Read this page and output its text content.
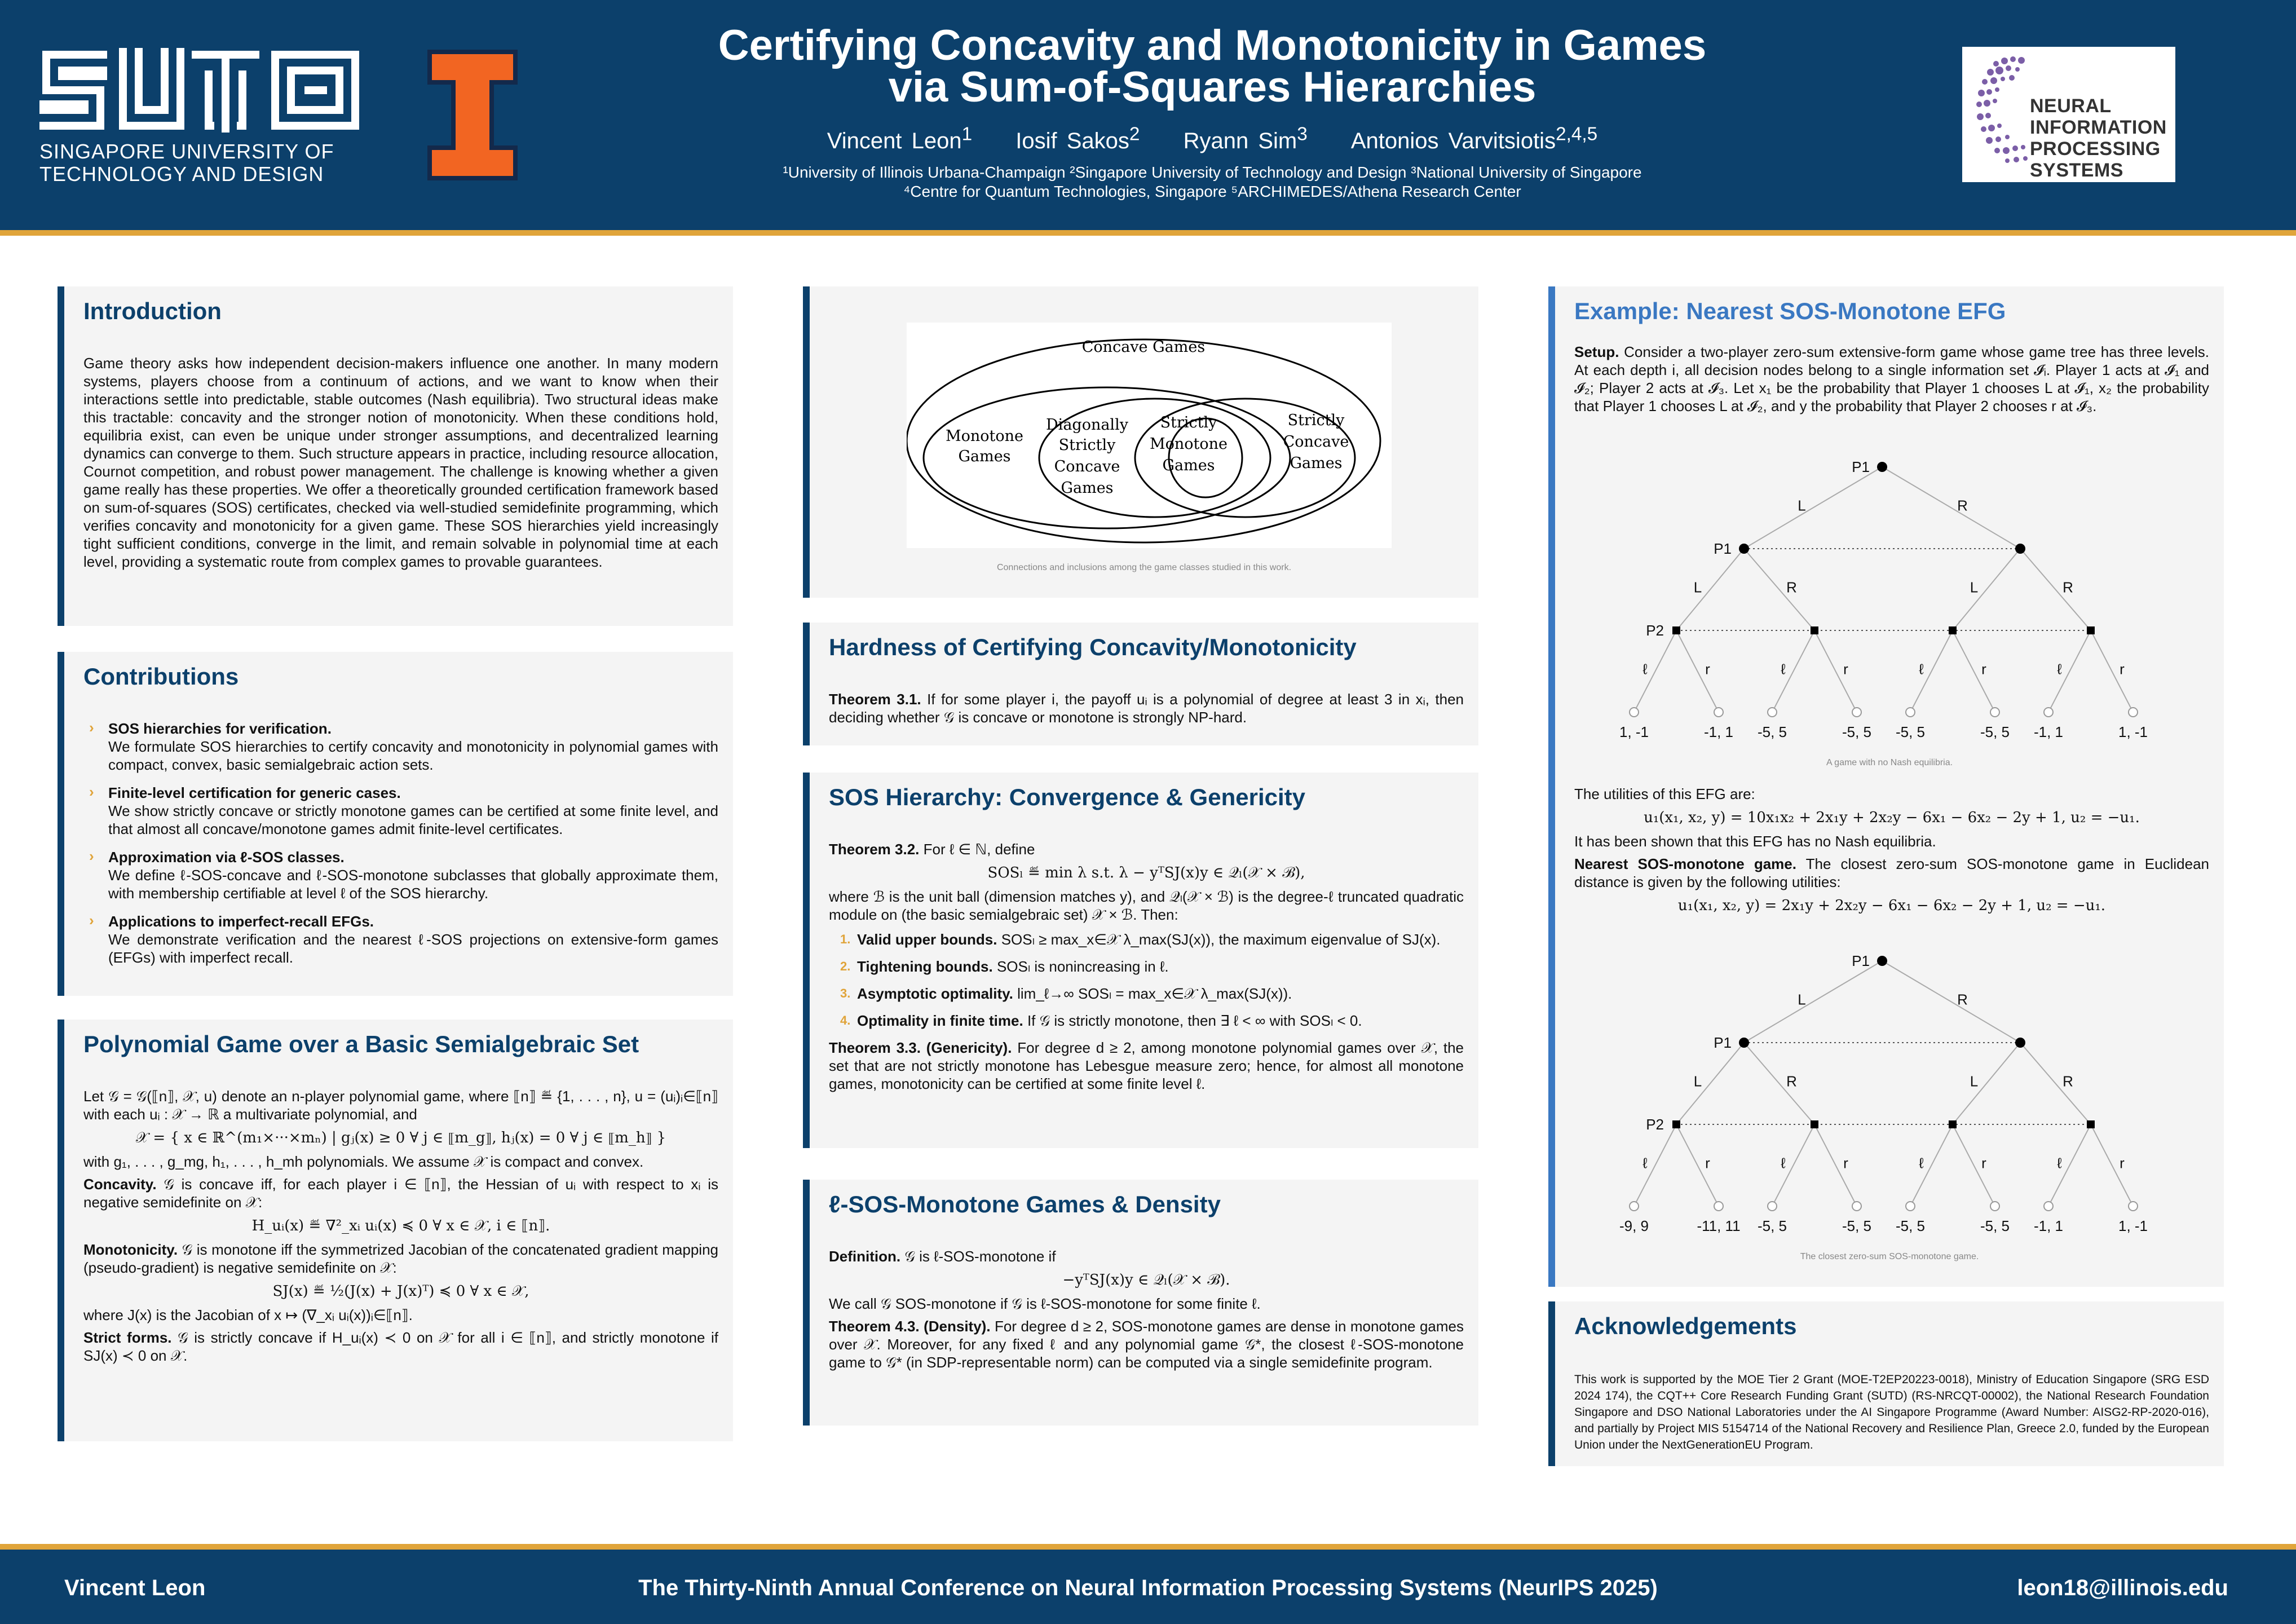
SINGAPORE UNIVERSITY OF
TECHNOLOGY AND DESIGN
Certifying Concavity and Monotonicity in Games
via Sum-of-Squares Hierarchies
Vincent Leon$^1$ Iosif Sakos$^2$ Ryann Sim$^3$ Antonios Varvitsiotis$^{2,4,5}$
¹University of Illinois Urbana-Champaign ²Singapore University of Technology and Design ³National University of Singapore
⁴Centre for Quantum Technologies, Singapore ⁵ARCHIMEDES/Athena Research Center
NEURAL INFORMATION
PROCESSING SYSTEMS
Introduction

Game theory asks how independent decision-makers influence one another. In many modern systems, players choose from a continuum of actions, and we want to know when their interactions settle into predictable, stable outcomes (Nash equilibria). Two structural ideas make this tractable: concavity and the stronger notion of monotonicity. When these conditions hold, equilibria exist, can even be unique under stronger assumptions, and decentralized learning dynamics can converge to them. Such structure appears in practice, including resource allocation, Cournot competition, and robust power management. The challenge is knowing whether a given game really has these properties. We offer a theoretically grounded certification framework based on sum-of-squares (SOS) certificates, checked via well-studied semidefinite programming, which verifies concavity and monotonicity for a given game. These SOS hierarchies yield increasingly tight sufficient conditions, converge in the limit, and remain solvable in polynomial time at each level, providing a systematic route from complex games to provable guarantees.

Contributions
› SOS hierarchies for verification.
We formulate SOS hierarchies to certify concavity and monotonicity in polynomial games with compact, convex, basic semialgebraic action sets.
› Finite-level certification for generic cases.
We show strictly concave or strictly monotone games can be certified at some finite level, and that almost all concave/monotone games admit finite-level certificates.
› Approximation via ℓ-SOS classes.
We define ℓ-SOS-concave and ℓ-SOS-monotone subclasses that globally approximate them, with membership certifiable at level ℓ of the SOS hierarchy.
› Applications to imperfect-recall EFGs.
We demonstrate verification and the nearest ℓ-SOS projections on extensive-form games (EFGs) with imperfect recall.
Polynomial Game over a Basic Semialgebraic Set

Let 𝒢 = 𝒢(⟦n⟧, 𝒳, u) denote an n-player polynomial game, where ⟦n⟧ ≝ {1, . . . , n}, u = (uᵢ)ᵢ∈⟦n⟧ with each uᵢ : 𝒳 → ℝ a multivariate polynomial, and

𝒳 = { x ∈ ℝ^(m₁×···×mₙ) | gⱼ(x) ≥ 0 ∀ j ∈ ⟦m_g⟧, hⱼ(x) = 0 ∀ j ∈ ⟦m_h⟧ }

with g₁, . . . , g_mg, h₁, . . . , h_mh polynomials. We assume 𝒳 is compact and convex.

Concavity. 𝒢 is concave iff, for each player i ∈ ⟦n⟧, the Hessian of uᵢ with respect to xᵢ is negative semidefinite on 𝒳:

H_uᵢ(x) ≝ ∇²_xᵢ uᵢ(x) ≼ 0 ∀ x ∈ 𝒳, i ∈ ⟦n⟧.

Monotonicity. 𝒢 is monotone iff the symmetrized Jacobian of the concatenated gradient mapping (pseudo-gradient) is negative semidefinite on 𝒳:

SJ(x) ≝ ½(J(x) + J(x)ᵀ) ≼ 0 ∀ x ∈ 𝒳,

where J(x) is the Jacobian of x ↦ (∇_xᵢ uᵢ(x))ᵢ∈⟦n⟧.

Strict forms. 𝒢 is strictly concave if H_uᵢ(x) ≺ 0 on 𝒳 for all i ∈ ⟦n⟧, and strictly monotone if SJ(x) ≺ 0 on 𝒳.

Concave Games
Monotone
Games
Diagonally
Strictly
Concave
Games
Strictly
Monotone
Games
Strictly
Concave
Games
Connections and inclusions among the game classes studied in this work.
Hardness of Certifying Concavity/Monotonicity

Theorem 3.1. If for some player i, the payoff uᵢ is a polynomial of degree at least 3 in xᵢ, then deciding whether 𝒢 is concave or monotone is strongly NP-hard.

SOS Hierarchy: Convergence & Genericity

Theorem 3.2. For ℓ ∈ ℕ, define

SOSₗ ≝ min λ s.t. λ − yᵀSJ(x)y ∈ 𝒬ₗ(𝒳 × ℬ),

where ℬ is the unit ball (dimension matches y), and 𝒬ₗ(𝒳 × ℬ) is the degree-ℓ truncated quadratic module on (the basic semialgebraic set) 𝒳 × ℬ. Then:

1. Valid upper bounds. SOSₗ ≥ max_x∈𝒳 λ_max(SJ(x)), the maximum eigenvalue of SJ(x).
2. Tightening bounds. SOSₗ is nonincreasing in ℓ.
3. Asymptotic optimality. lim_ℓ→∞ SOSₗ = max_x∈𝒳 λ_max(SJ(x)).
4. Optimality in finite time. If 𝒢 is strictly monotone, then ∃ ℓ < ∞ with SOSₗ < 0.

Theorem 3.3. (Genericity). For degree d ≥ 2, among monotone polynomial games over 𝒳, the set that are not strictly monotone has Lebesgue measure zero; hence, for almost all monotone games, monotonicity can be certified at some finite level ℓ.

ℓ-SOS-Monotone Games & Density

Definition. 𝒢 is ℓ-SOS-monotone if

−yᵀSJ(x)y ∈ 𝒬ₗ(𝒳 × ℬ).

We call 𝒢 SOS-monotone if 𝒢 is ℓ-SOS-monotone for some finite ℓ.

Theorem 4.3. (Density). For degree d ≥ 2, SOS-monotone games are dense in monotone games over 𝒳. Moreover, for any fixed ℓ and any polynomial game 𝒢*, the closest ℓ-SOS-monotone game to 𝒢* (in SDP-representable norm) can be computed via a single semidefinite program.

Example: Nearest SOS-Monotone EFG

Setup. Consider a two-player zero-sum extensive-form game whose game tree has three levels. At each depth i, all decision nodes belong to a single information set 𝓘ᵢ. Player 1 acts at 𝓘₁ and 𝓘₂; Player 2 acts at 𝓘₃. Let x₁ be the probability that Player 1 chooses L at 𝓘₁, x₂ the probability that Player 1 chooses L at 𝓘₂, and y the probability that Player 2 chooses r at 𝓘₃.

P1
P1
P2
L	R
L	R	L	R
ℓ
1, -1
r
-1, 1
ℓ
-5, 5
r
-5, 5
ℓ
-5, 5
r
-5, 5
ℓ
-1, 1
r
1, -1
A game with no Nash equilibria.

The utilities of this EFG are:

u₁(x₁, x₂, y) = 10x₁x₂ + 2x₁y + 2x₂y − 6x₁ − 6x₂ − 2y + 1, u₂ = −u₁.

It has been shown that this EFG has no Nash equilibria.

Nearest SOS-monotone game. The closest zero-sum SOS-monotone game in Euclidean distance is given by the following utilities:

u₁(x₁, x₂, y) = 2x₁y + 2x₂y − 6x₁ − 6x₂ − 2y + 1, u₂ = −u₁.
P1
P1
P2
L	R
L	R	L	R
ℓ
-9, 9
r
-11, 11
ℓ
-5, 5
r
-5, 5
ℓ
-5, 5
r
-5, 5
ℓ
-1, 1
r
1, -1
The closest zero-sum SOS-monotone game.
Acknowledgements

This work is supported by the MOE Tier 2 Grant (MOE-T2EP20223-0018), Ministry of Education Singapore (SRG ESD 2024 174), the CQT++ Core Research Funding Grant (SUTD) (RS-NRCQT-00002), the National Research Foundation Singapore and DSO National Laboratories under the AI Singapore Programme (Award Number: AISG2-RP-2020-016), and partially by Project MIS 5154714 of the National Recovery and Resilience Plan, Greece 2.0, funded by the European Union under the NextGenerationEU Program.

The Thirty-Ninth Annual Conference on Neural Information Processing Systems (NeurIPS 2025)
Vincent Leon	leon18@illinois.edu
